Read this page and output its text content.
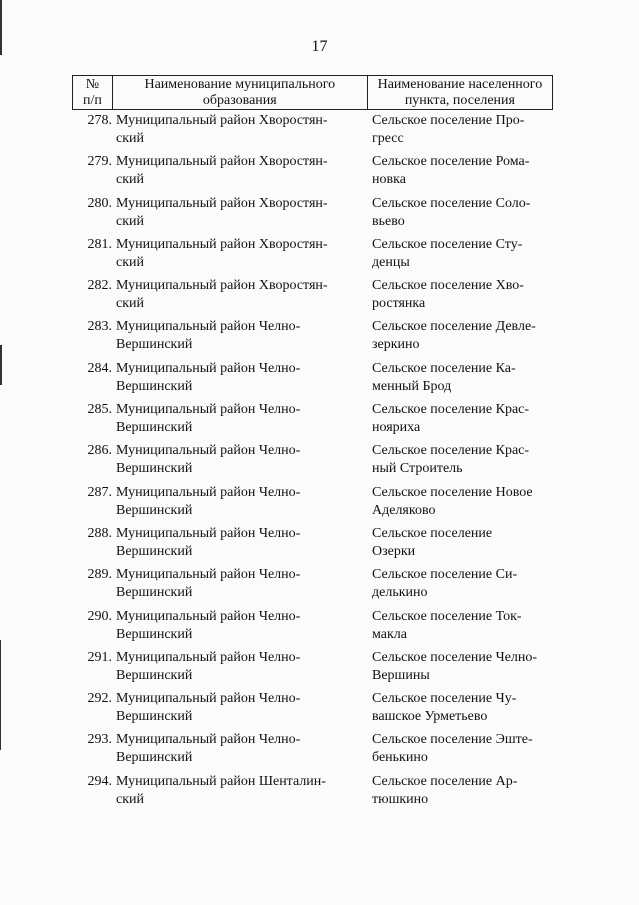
17
№
п/п
Наименование муниципального
образования
Наименование населенного
пункта, поселения
278. Муниципальный район Хворостян-
ский
Сельское поселение Про-
гресс
279. Муниципальный район Хворостян-
ский
Сельское поселение Рома-
новка
280. Муниципальный район Хворостян-
ский
Сельское поселение Соло-
вьево
281. Муниципальный район Хворостян-
ский
Сельское поселение Сту-
денцы
282. Муниципальный район Хворостян-
ский
Сельское поселение Хво-
ростянка
283. Муниципальный район Челно-
Вершинский
Сельское поселение Девле-
зеркино
284. Муниципальный район Челно-
Вершинский
Сельское поселение Ка-
менный Брод
285. Муниципальный район Челно-
Вершинский
Сельское поселение Крас-
нояриха
286. Муниципальный район Челно-
Вершинский
Сельское поселение Крас-
ный Строитель
287. Муниципальный район Челно-
Вершинский
Сельское поселение Новое
Аделяково
288. Муниципальный район Челно-
Вершинский
Сельское поселение
Озерки
289. Муниципальный район Челно-
Вершинский
Сельское поселение Си-
делькино
290. Муниципальный район Челно-
Вершинский
Сельское поселение Ток-
макла
291. Муниципальный район Челно-
Вершинский
Сельское поселение Челно-
Вершины
292. Муниципальный район Челно-
Вершинский
Сельское поселение Чу-
вашское Урметьево
293. Муниципальный район Челно-
Вершинский
Сельское поселение Эште-
бенькино
294. Муниципальный район Шенталин-
ский
Сельское поселение Ар-
тюшкино
